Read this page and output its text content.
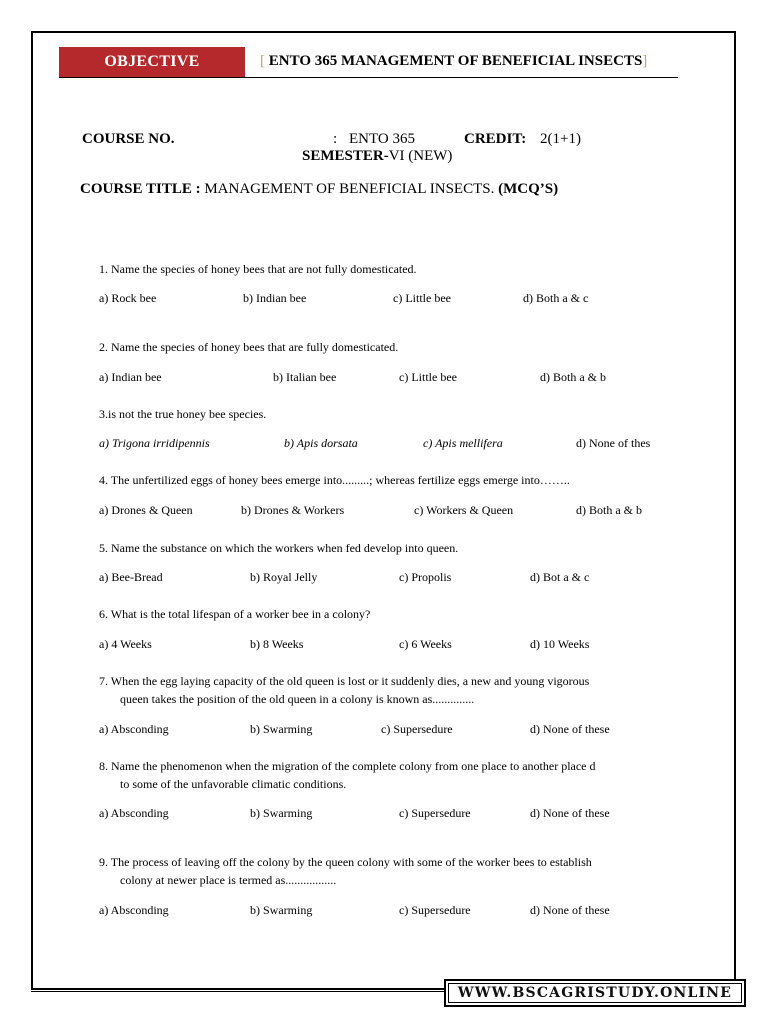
OBJECTIVE	[ ENTO 365 MANAGEMENT OF BENEFICIAL INSECTS]
COURSE NO.	: ENTO 365	CREDIT: 2(1+1)
SEMESTER-VI (NEW)
COURSE TITLE : MANAGEMENT OF BENEFICIAL INSECTS. (MCQ’S)
1. Name the species of honey bees that are not fully domesticated.
a) Rock bee	b) Indian bee	c) Little bee	d) Both a & c
2. Name the species of honey bees that are fully domesticated.
a) Indian bee	b) Italian bee	c) Little bee	d) Both a & b
3.is not the true honey bee species.
a) Trigona irridipennis	b) Apis dorsata	c) Apis mellifera	d) None of thes
4. The unfertilized eggs of honey bees emerge into.........; whereas fertilize eggs emerge into……..
a) Drones & Queen	b) Drones & Workers	c) Workers & Queen	d) Both a & b
5. Name the substance on which the workers when fed develop into queen.
a) Bee-Bread	b) Royal Jelly	c) Propolis	d) Bot a & c
6. What is the total lifespan of a worker bee in a colony?
a) 4 Weeks	b) 8 Weeks	c) 6 Weeks	d) 10 Weeks
7. When the egg laying capacity of the old queen is lost or it suddenly dies, a new and young vigorous
queen takes the position of the old queen in a colony is known as..............
a) Absconding	b) Swarming	c) Supersedure	d) None of these
8. Name the phenomenon when the migration of the complete colony from one place to another place d
to some of the unfavorable climatic conditions.
a) Absconding	b) Swarming	c) Supersedure	d) None of these
9. The process of leaving off the colony by the queen colony with some of the worker bees to establish
colony at newer place is termed as.................
a) Absconding	b) Swarming	c) Supersedure	d) None of these
WWW.BSCAGRISTUDY.ONLINE
